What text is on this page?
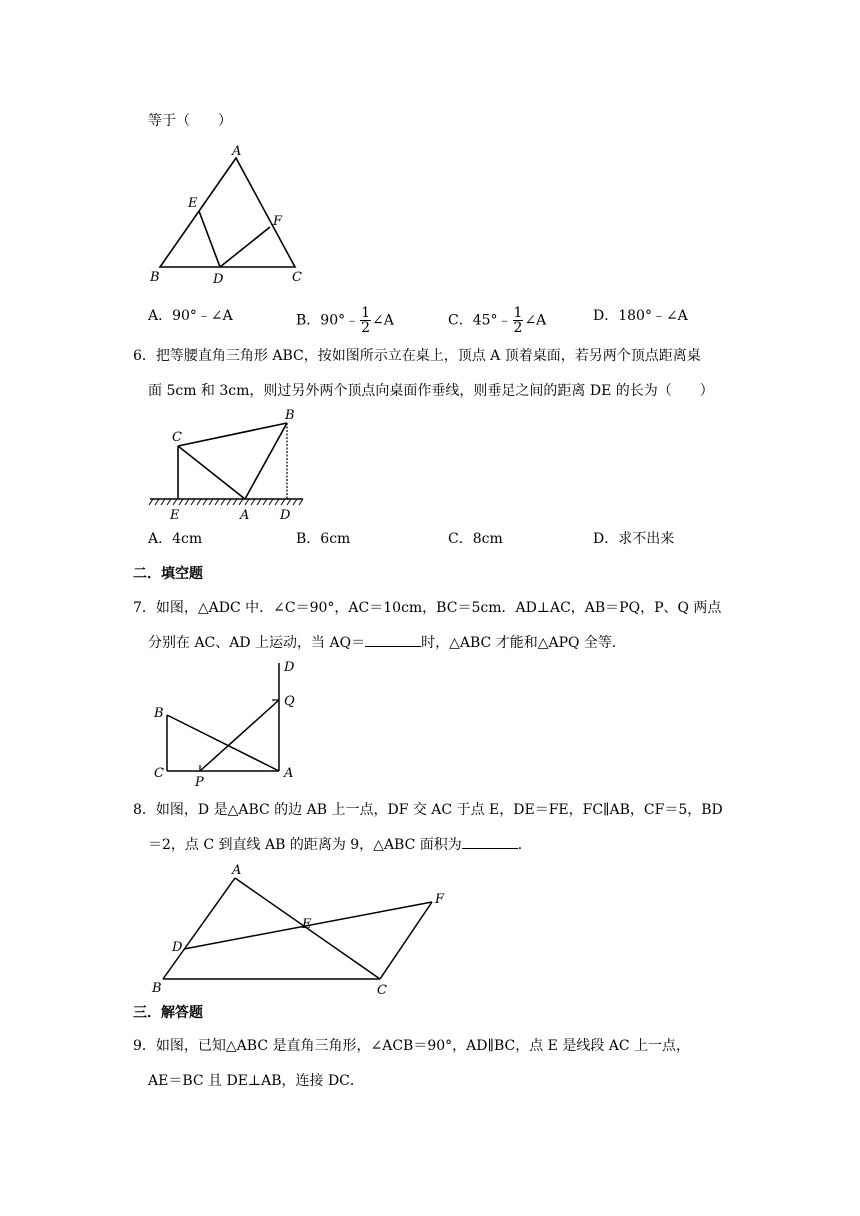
等于（　　）
A
B	C
D
E
F
A．90°﹣∠A	B．90°﹣ $\frac{1}{2}$ ∠A	C．45°﹣ $\frac{1}{2}$ ∠A	D．180°﹣∠A
6．把等腰直角三角形 ABC，按如图所示立在桌上，顶点 A 顶着桌面，若另两个顶点距离桌
面 5cm 和 3cm，则过另外两个顶点向桌面作垂线，则垂足之间的距离 DE 的长为（　　）
C
B
E	A D
A．4cm	B．6cm	C．8cm	D．求不出来
二．填空题
7．如图，△ADC 中．∠C＝90°，AC＝10cm，BC＝5cm．AD⊥AC，AB＝PQ，P、Q 两点
分别在 AC、AD 上运动，当 AQ＝	时，△ABC 才能和△APQ 全等．
D
Q
B
C	A
P
8．如图，D 是△ABC 的边 AB 上一点，DF 交 AC 于点 E，DE＝FE，FC∥AB，CF＝5，BD
＝2，点 C 到直线 AB 的距离为 9，△ABC 面积为	．
A
B	C
D
E
F
三．解答题
9．如图，已知△ABC 是直角三角形，∠ACB＝90°，AD∥BC，点 E 是线段 AC 上一点，
AE＝BC 且 DE⊥AB，连接 DC．
